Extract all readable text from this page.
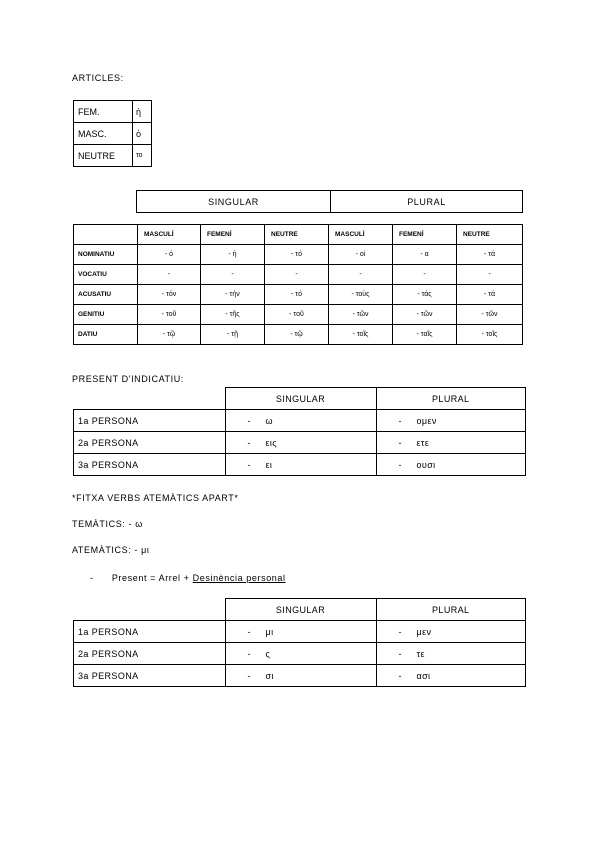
ARTICLES:
FEM.	ἡ
MASC.	ὁ
NEUTRE	το
SINGULAR	PLURAL
	MASCULÍ	FEMENÍ	NEUTRE	MASCULÍ	FEMENÍ	NEUTRE
NOMINATIU	- ό	- ή	- τό	- οί	- α	- τά
VOCATIU	-	-	-	-	-	-
ACUSATIU	- τόν	- τήν	- τό	- τοὺς	- τάς	- τά
GENITIU	- τοῦ	- τῆς	- τοῦ	- τῶν	- τῶν	- τῶν
DATIU	- τῷ	- τῇ	- τῷ	- τοῖς	- ταῖς	- τοῖς
PRESENT D'INDICATIU:
	SINGULAR	PLURAL
1a PERSONA	- ω	- ομεν
2a PERSONA	- εις	- ετε
3a PERSONA	- ει	- ουσι
*FITXA VERBS ATEMÀTICS APART*
TEMÀTICS: - ω
ATEMÀTICS: - μι
- Present = Arrel + Desinència personal
	SINGULAR	PLURAL
1a PERSONA	- μι	- μεν
2a PERSONA	- ς	- τε
3a PERSONA	- σι	- ασι
